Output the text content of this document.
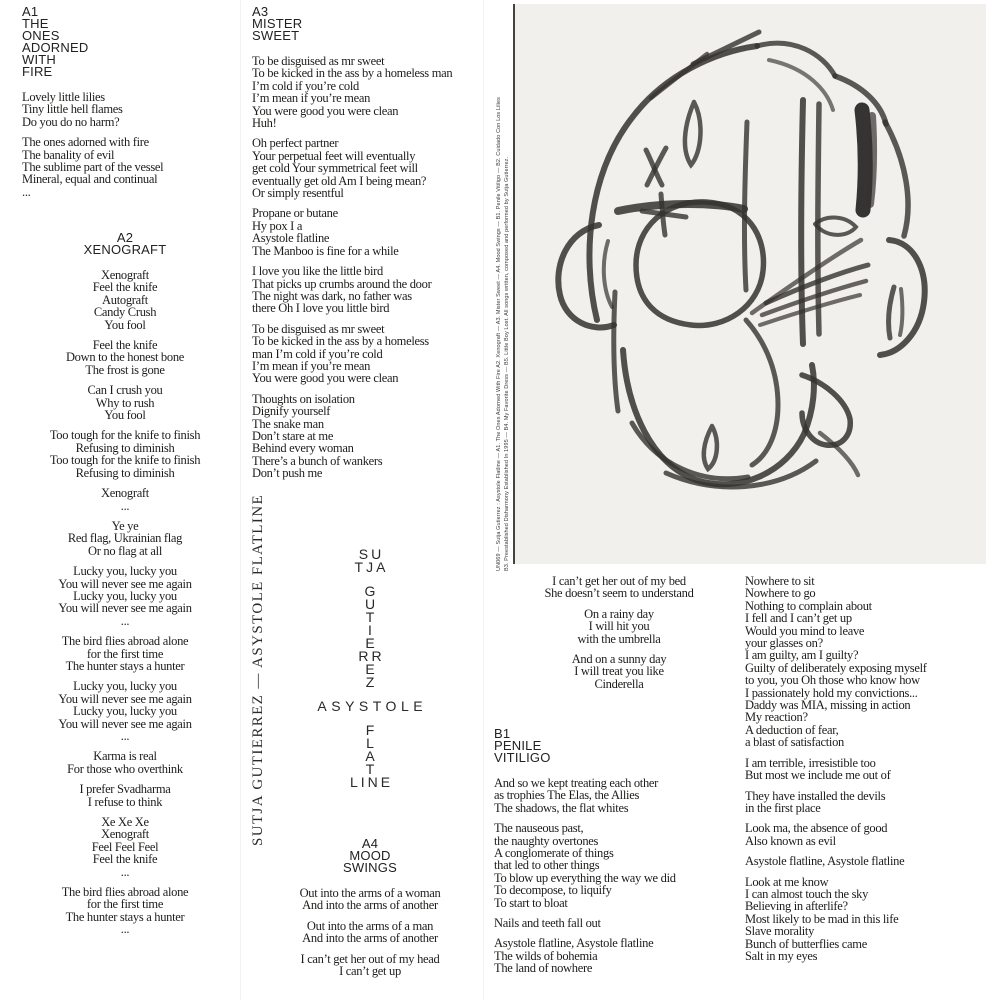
A1
THE
ONES
ADORNED
WITH
FIRE
Lovely little lilies
Tiny little hell flames
Do you do no harm?
The ones adorned with fire
The banality of evil
The sublime part of the vessel
Mineral, equal and continual
...
A2
XENOGRAFT
Xenograft
Feel the knife
Autograft
Candy Crush
You fool
Feel the knife
Down to the honest bone
The frost is gone
Can I crush you
Why to rush
You fool
Too tough for the knife to finish
Refusing to diminish
Too tough for the knife to finish
Refusing to diminish
Xenograft
...
Ye ye
Red flag, Ukrainian flag
Or no flag at all
Lucky you, lucky you
You will never see me again
Lucky you, lucky you
You will never see me again
...
The bird flies abroad alone
for the first time
The hunter stays a hunter
Lucky you, lucky you
You will never see me again
Lucky you, lucky you
You will never see me again
...
Karma is real
For those who overthink
I prefer Svadharma
I refuse to think
Xe Xe Xe
Xenograft
Feel Feel Feel
Feel the knife
...
The bird flies abroad alone
for the first time
The hunter stays a hunter
...
A3
MISTER
SWEET
To be disguised as mr sweet
To be kicked in the ass by a homeless man
I’m cold if you’re cold
I’m mean if you’re mean
You were good you were clean
Huh!
Oh perfect partner
Your perpetual feet will eventually
get cold Your symmetrical feet will
eventually get old Am I being mean?
Or simply resentful
Propane or butane
Hy pox I a
Asystole flatline
The Manboo is fine for a while
I love you like the little bird
That picks up crumbs around the door
The night was dark, no father was
there Oh I love you little bird
To be disguised as mr sweet
To be kicked in the ass by a homeless
man I’m cold if you’re cold
I’m mean if you’re mean
You were good you were clean
Thoughts on isolation
Dignify yourself
The snake man
Don’t stare at me
Behind every woman
There’s a bunch of wankers
Don’t push me
SUTJA GUTIERREZ — ASYSTOLE FLATLINE	SU
TJA
G
U
T
I
E
RR
E
Z
ASYSTOLE
F
L
A
T
LINE
A4
MOOD
SWINGS
Out into the arms of a woman
And into the arms of another
Out into the arms of a man
And into the arms of another
I can’t get her out of my head
I can’t get up
UN069 — Sutja Gutierrez : Asystole Flatline — A1. The Ones Adorned With Fire A2. Xenograft — A3. Mister Sweet — A4. Mood Swings — B1. Penile Vitiligo — B2. Cuidado Con Los Lilies B3. Preestablished Disharmony Established In 1995 — B4. My Favorite Dress — B5. Little Boy Lost. All songs written, composed and performed by Sutja Gutierrez.
I can’t get her out of my bed
She doesn’t seem to understand
On a rainy day
I will hit you
with the umbrella
And on a sunny day
I will treat you like
Cinderella
B1
PENILE
VITILIGO
And so we kept treating each other
as trophies The Elas, the Allies
The shadows, the flat whites
The nauseous past,
the naughty overtones
A conglomerate of things
that led to other things
To blow up everything the way we did
To decompose, to liquify
To start to bloat
Nails and teeth fall out
Asystole flatline, Asystole flatline
The wilds of bohemia
The land of nowhere
Nowhere to sit
Nowhere to go
Nothing to complain about
I fell and I can’t get up
Would you mind to leave
your glasses on?
I am guilty, am I guilty?
Guilty of deliberately exposing myself
to you, you Oh those who know how
I passionately hold my convictions...
Daddy was MIA, missing in action
My reaction?
A deduction of fear,
a blast of satisfaction
I am terrible, irresistible too
But most we include me out of
They have installed the devils
in the first place
Look ma, the absence of good
Also known as evil
Asystole flatline, Asystole flatline
Look at me know
I can almost touch the sky
Believing in afterlife?
Most likely to be mad in this life
Slave morality
Bunch of butterflies came
Salt in my eyes
